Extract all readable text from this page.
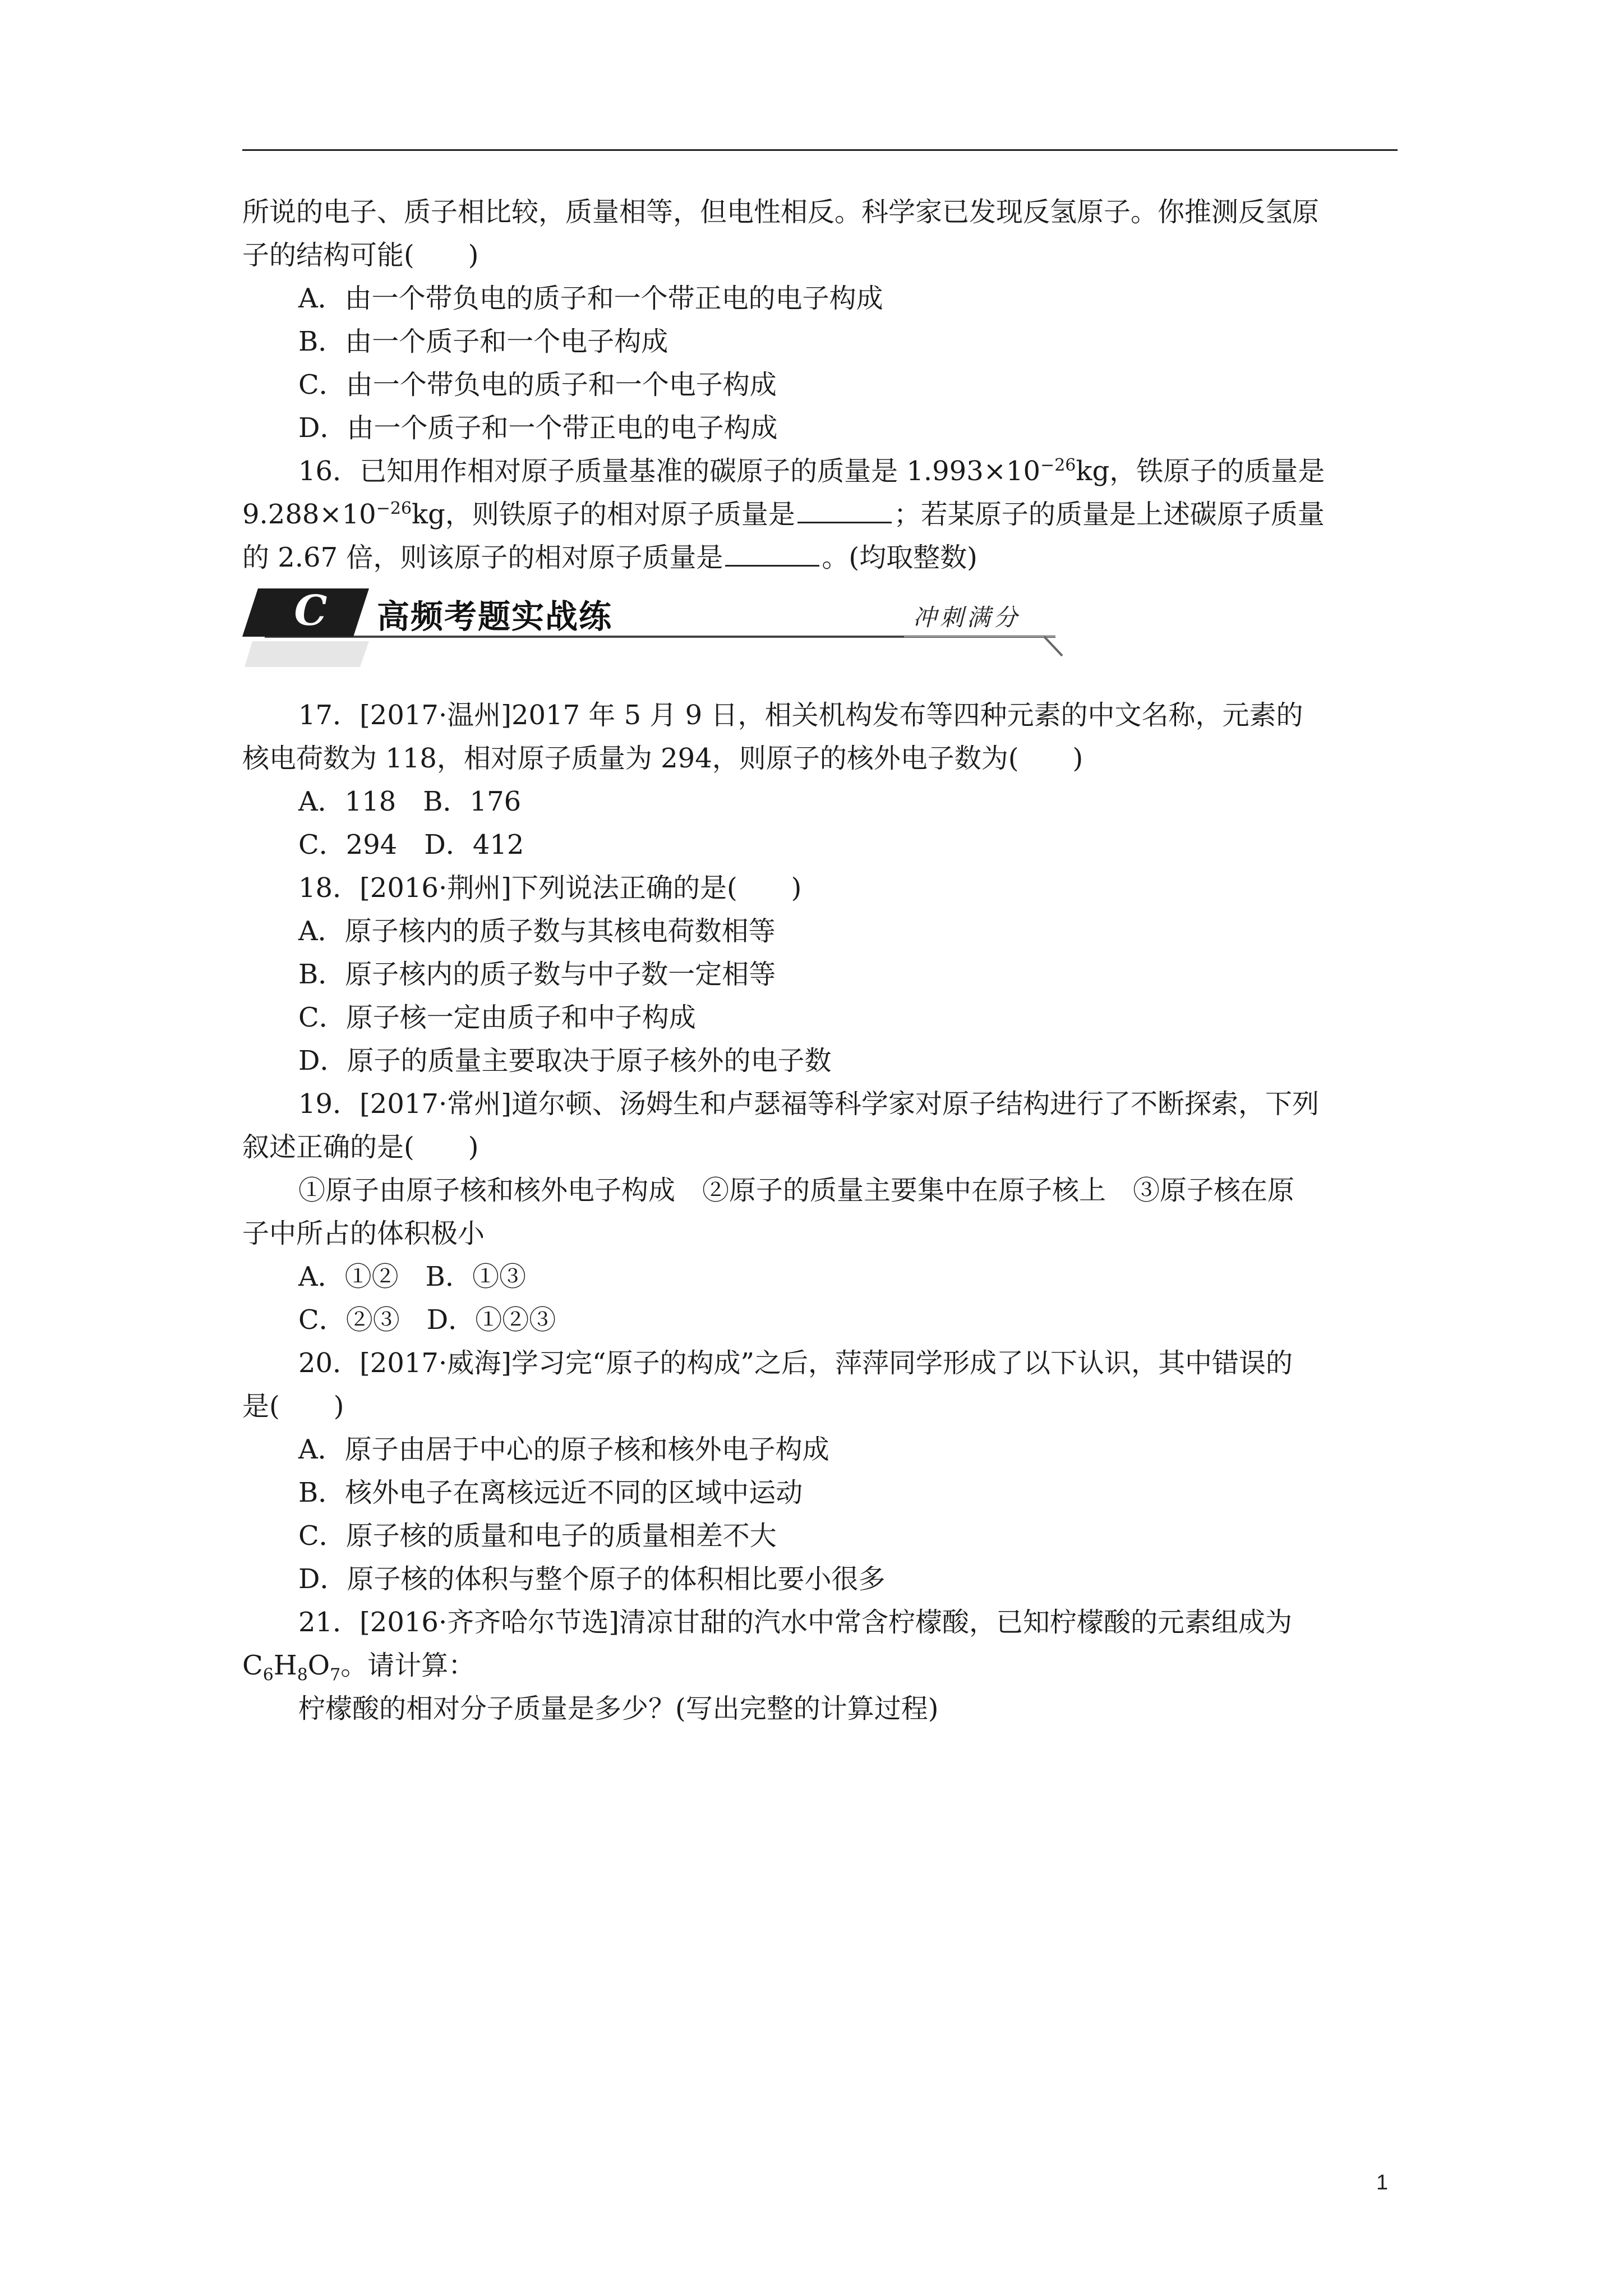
所说的电子、质子相比较，质量相等，但电性相反。科学家已发现反氢原子。你推测反氢原
子的结构可能(　　)
A．由一个带负电的质子和一个带正电的电子构成
B．由一个质子和一个电子构成
C．由一个带负电的质子和一个电子构成
D．由一个质子和一个带正电的电子构成
16．已知用作相对原子质量基准的碳原子的质量是 $1.993\times 10^{-26}kg$，铁原子的质量是
$9.288\times 10^{-26}kg$，则铁原子的相对原子质量是	；若某原子的质量是上述碳原子质量
的 2.67 倍，则该原子的相对原子质量是	。(均取整数)
C	高频考题实战练	冲刺满分
17．[2017·温州]2017 年 5 月 9 日，相关机构发布等四种元素的中文名称，元素的
核电荷数为 118，相对原子质量为 294，则原子的核外电子数为(　　)
A．118　B．176
C．294　D．412
18．[2016·荆州]下列说法正确的是(　　)
A．原子核内的质子数与其核电荷数相等
B．原子核内的质子数与中子数一定相等
C．原子核一定由质子和中子构成
D．原子的质量主要取决于原子核外的电子数
19．[2017·常州]道尔顿、汤姆生和卢瑟福等科学家对原子结构进行了不断探索，下列
叙述正确的是(　　)
①原子由原子核和核外电子构成　②原子的质量主要集中在原子核上　③原子核在原
子中所占的体积极小
A．①②　B．①③
C．②③　D．①②③
20．[2017·威海]学习完“原子的构成”之后，萍萍同学形成了以下认识，其中错误的
是(　　)
A．原子由居于中心的原子核和核外电子构成
B．核外电子在离核远近不同的区域中运动
C．原子核的质量和电子的质量相差不大
D．原子核的体积与整个原子的体积相比要小很多
21．[2016·齐齐哈尔节选]清凉甘甜的汽水中常含柠檬酸，已知柠檬酸的元素组成为
$C_6H_8O_7$。请计算：
柠檬酸的相对分子质量是多少？(写出完整的计算过程)
1
